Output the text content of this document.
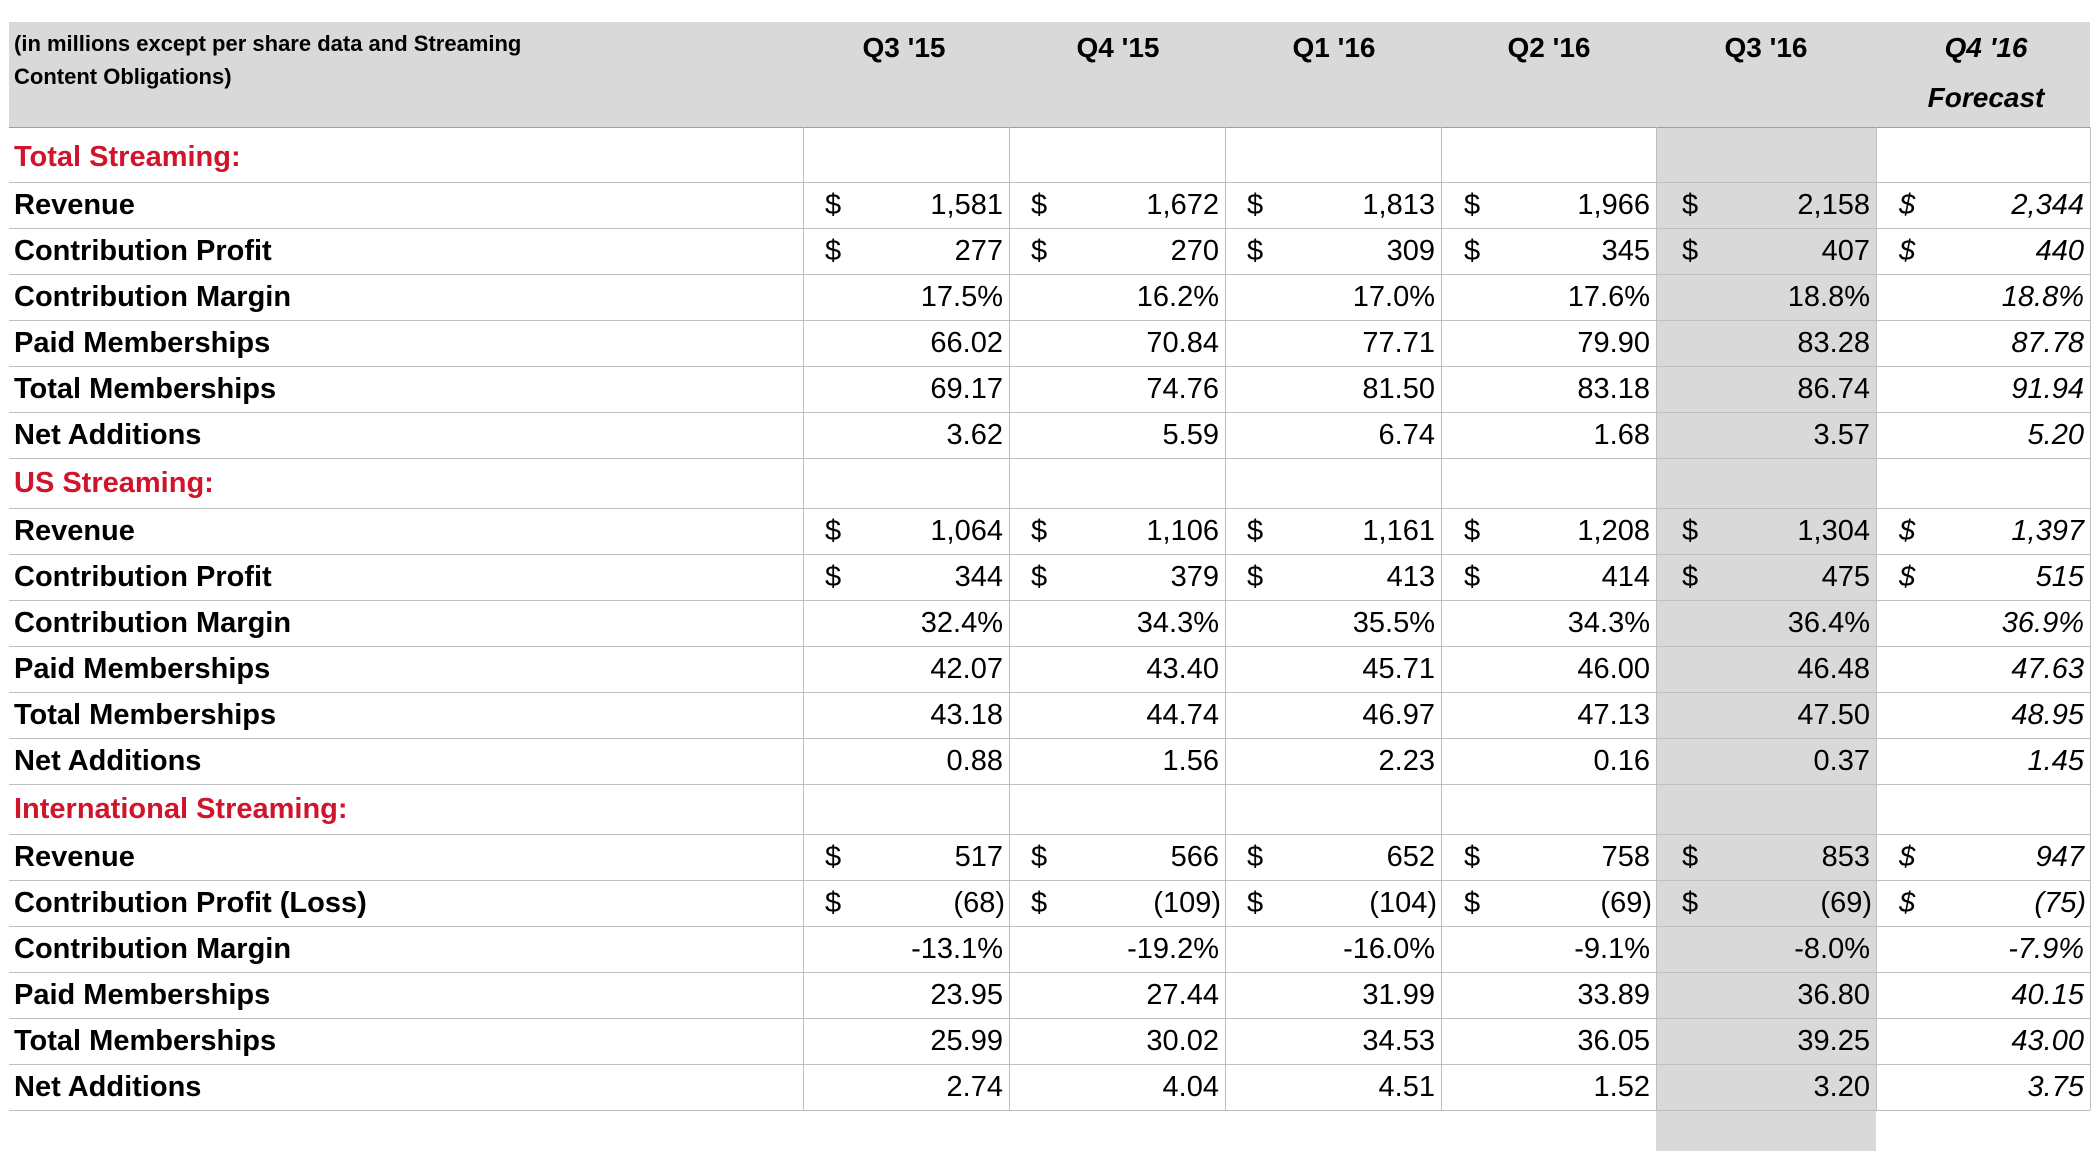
(in millions except per share data and Streaming
Content Obligations)
Q3 '15	Q4 '15	Q1 '16	Q2 '16	Q3 '16	Q4 '16
Forecast
Total Streaming:
Revenue	$	1,581 $	1,672 $	1,813 $	1,966 $	2,158 $	2,344
Contribution Profit	$	277 $	270 $	309 $	345 $	407 $	440
Contribution Margin	17.5%	16.2%	17.0%	17.6%	18.8%	18.8%
Paid Memberships	66.02	70.84	77.71	79.90	83.28	87.78
Total Memberships	69.17	74.76	81.50	83.18	86.74	91.94
Net Additions	3.62	5.59	6.74	1.68	3.57	5.20
US Streaming:
Revenue	$	1,064 $	1,106 $	1,161 $	1,208 $	1,304 $	1,397
Contribution Profit	$	344 $	379 $	413 $	414 $	475 $	515
Contribution Margin	32.4%	34.3%	35.5%	34.3%	36.4%	36.9%
Paid Memberships	42.07	43.40	45.71	46.00	46.48	47.63
Total Memberships	43.18	44.74	46.97	47.13	47.50	48.95
Net Additions	0.88	1.56	2.23	0.16	0.37	1.45
International Streaming:
Revenue	$	517 $	566 $	652 $	758 $	853 $	947
Contribution Profit (Loss)	$	(68) $	(109) $	(104) $	(69) $	(69) $	(75)
Contribution Margin	-13.1%	-19.2%	-16.0%	-9.1%	-8.0%	-7.9%
Paid Memberships	23.95	27.44	31.99	33.89	36.80	40.15
Total Memberships	25.99	30.02	34.53	36.05	39.25	43.00
Net Additions	2.74	4.04	4.51	1.52	3.20	3.75
